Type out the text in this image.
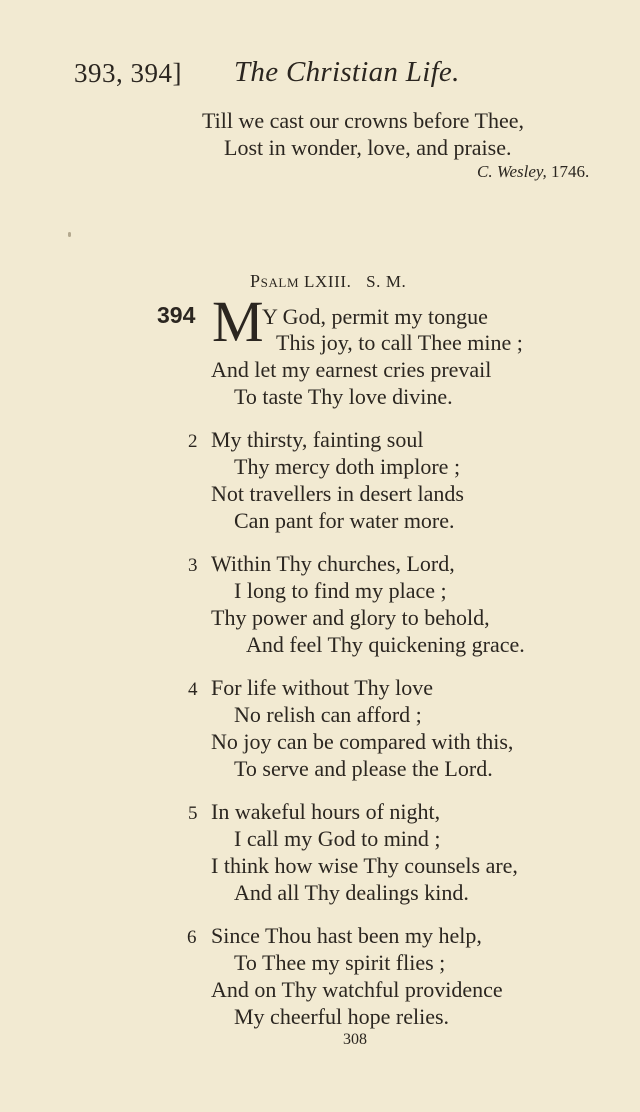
393, 394] The Christian Life.
Till we cast our crowns before Thee,
Lost in wonder, love, and praise.
C. Wesley, 1746.
Psalm LXIII. S. M.
394 M Y God, permit my tongue
This joy, to call Thee mine ;
And let my earnest cries prevail
To taste Thy love divine.
2 My thirsty, fainting soul
Thy mercy doth implore ;
Not travellers in desert lands
Can pant for water more.
3 Within Thy churches, Lord,
I long to find my place ;
Thy power and glory to behold,
And feel Thy quickening grace.
4 For life without Thy love
No relish can afford ;
No joy can be compared with this,
To serve and please the Lord.
5 In wakeful hours of night,
I call my God to mind ;
I think how wise Thy counsels are,
And all Thy dealings kind.
6 Since Thou hast been my help,
To Thee my spirit flies ;
And on Thy watchful providence
My cheerful hope relies.
308
